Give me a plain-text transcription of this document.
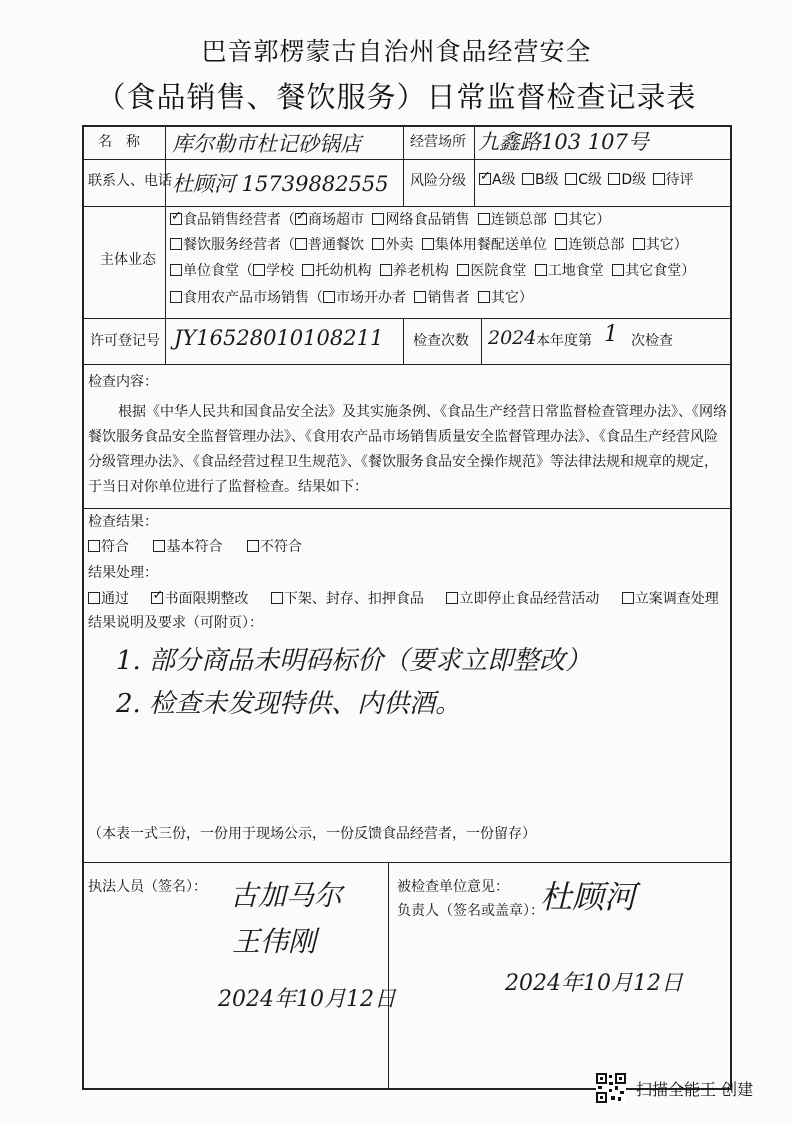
巴音郭楞蒙古自治州食品经营安全
（食品销售、餐饮服务）日常监督检查记录表
名　称 库尔勒市杜记砂锅店	经营场所 九鑫路103 107号
联系人、电话 杜顾河 15739882555 风险分级 ✓	A级 B级 C级 D级 待评
主体业态
✓食品销售经营者（ ✓ 商场超市 网络食品销售 连锁总部 其它）
餐饮服务经营者（ 普通餐饮 外卖 集体用餐配送单位 连锁总部 其它）
单位食堂（ 学校 托幼机构 养老机构 医院食堂 工地食堂 其它食堂）
食用农产品市场销售（ 市场开办者 销售者 其它）
许可登记号 JY16528010108211 检查次数 2024 本年度第 1 次检查
检查内容：
根据《中华人民共和国食品安全法》及其实施条例、《食品生产经营日常监督检查管理办法》、《网络餐饮服务食品安全监督管理办法》、《食用农产品市场销售质量安全监督管理办法》、《食品生产经营风险分级管理办法》、《食品经营过程卫生规范》、《餐饮服务食品安全操作规范》等法律法规和规章的规定，于当日对你单位进行了监督检查。结果如下：
检查结果：
符合	基本符合	不符合
结果处理：
通过 ✓	书面限期整改	下架、封存、扣押食品	立即停止食品经营活动	立案调查处理
结果说明及要求（可附页）：
1. 部分商品未明码标价（要求立即整改）
2. 检查未发现特供、内供酒。
（本表一式三份，一份用于现场公示，一份反馈食品经营者，一份留存）
执法人员（签名）： 古加马尔
王伟刚
2024年10月12日
被检查单位意见：
负责人（签名或盖章）：
杜顾河
2024年10月12日
扫描全能王 创建
